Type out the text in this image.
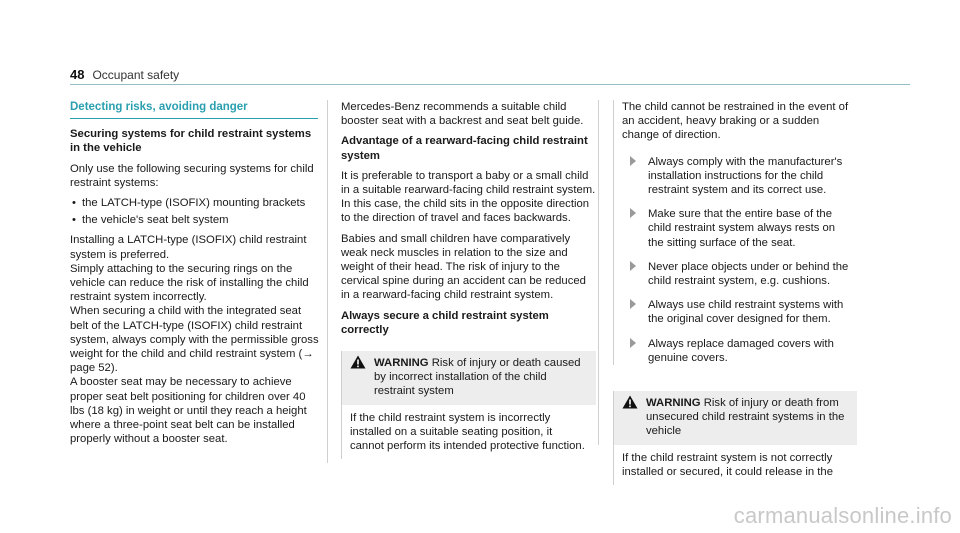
48 Occupant safety
Detecting risks, avoiding danger

Securing systems for child restraint systems in the vehicle

Only use the following securing systems for child restraint systems:

• the LATCH-type (ISOFIX) mounting brackets
• the vehicle's seat belt system

Installing a LATCH-type (ISOFIX) child restraint system is preferred.

Simply attaching to the securing rings on the vehicle can reduce the risk of installing the child restraint system incorrectly.

When securing a child with the integrated seat belt of the LATCH-type (ISOFIX) child restraint system, always comply with the permissible gross weight for the child and child restraint system (→ page 52).

A booster seat may be necessary to achieve proper seat belt positioning for children over 40 lbs (18 kg) in weight or until they reach a height where a three-point seat belt can be installed properly without a booster seat.

Mercedes-Benz recommends a suitable child booster seat with a backrest and seat belt guide.

Advantage of a rearward-facing child restraint system

It is preferable to transport a baby or a small child in a suitable rearward-facing child restraint system. In this case, the child sits in the opposite direction to the direction of travel and faces backwards.

Babies and small children have comparatively weak neck muscles in relation to the size and weight of their head. The risk of injury to the cervical spine during an accident can be reduced in a rearward-facing child restraint system.

Always secure a child restraint system correctly

WARNING Risk of injury or death caused by incorrect installation of the child restraint system
If the child restraint system is incorrectly installed on a suitable seating position, it cannot perform its intended protective function.

The child cannot be restrained in the event of an accident, heavy braking or a sudden change of direction.

Always comply with the manufacturer's installation instructions for the child restraint system and its correct use.
Make sure that the entire base of the child restraint system always rests on the sitting surface of the seat.
Never place objects under or behind the child restraint system, e.g. cushions.
Always use child restraint systems with the original cover designed for them.
Always replace damaged covers with genuine covers.
WARNING Risk of injury or death from unsecured child restraint systems in the vehicle
If the child restraint system is not correctly installed or secured, it could release in the
carmanualsonline.info
